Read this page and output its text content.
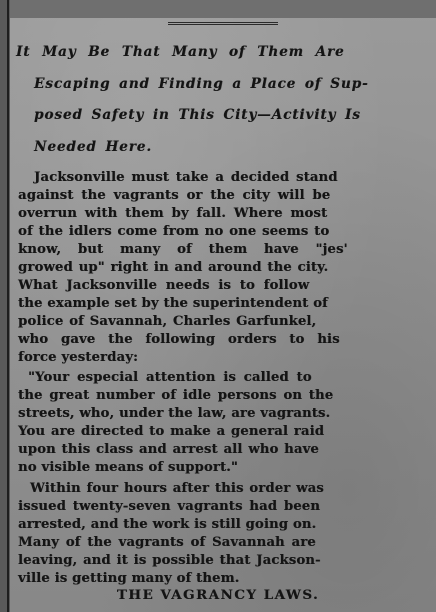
It May Be That Many of Them Are
Escaping and Finding a Place of Sup-
posed Safety in This City—Activity Is
Needed Here.
Jacksonville must take a decided stand
against the vagrants or the city will be
overrun with them by fall. Where most
of the idlers come from no one seems to
know, but many of them have "jes'
growed up" right in and around the city.
What Jacksonville needs is to follow
the example set by the superintendent of
police of Savannah, Charles Garfunkel,
who gave the following orders to his
force yesterday:
"Your especial attention is called to
the great number of idle persons on the
streets, who, under the law, are vagrants.
You are directed to make a general raid
upon this class and arrest all who have
no visible means of support."
Within four hours after this order was
issued twenty-seven vagrants had been
arrested, and the work is still going on.
Many of the vagrants of Savannah are
leaving, and it is possible that Jackson-
ville is getting many of them.
THE VAGRANCY LAWS.
